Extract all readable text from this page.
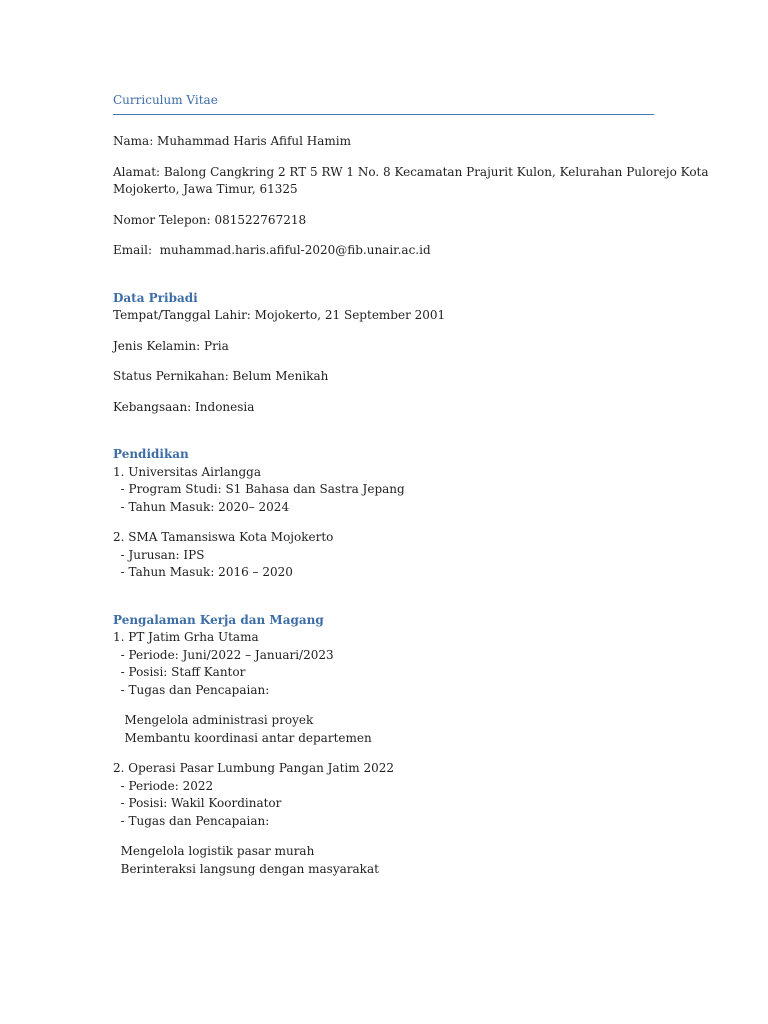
Curriculum Vitae
Nama: Muhammad Haris Afiful Hamim
Alamat: Balong Cangkring 2 RT 5 RW 1 No. 8 Kecamatan Prajurit Kulon, Kelurahan Pulorejo Kota
Mojokerto, Jawa Timur, 61325
Nomor Telepon: 081522767218
Email:  muhammad.haris.afiful-2020@fib.unair.ac.id
Data Pribadi
Tempat/Tanggal Lahir: Mojokerto, 21 September 2001
Jenis Kelamin: Pria
Status Pernikahan: Belum Menikah
Kebangsaan: Indonesia
Pendidikan
1. Universitas Airlangga
- Program Studi: S1 Bahasa dan Sastra Jepang
- Tahun Masuk: 2020– 2024
2. SMA Tamansiswa Kota Mojokerto
- Jurusan: IPS
- Tahun Masuk: 2016 – 2020
Pengalaman Kerja dan Magang
1. PT Jatim Grha Utama
- Periode: Juni/2022 – Januari/2023
- Posisi: Staff Kantor
- Tugas dan Pencapaian:
Mengelola administrasi proyek
Membantu koordinasi antar departemen
2. Operasi Pasar Lumbung Pangan Jatim 2022
- Periode: 2022
- Posisi: Wakil Koordinator
- Tugas dan Pencapaian:
Mengelola logistik pasar murah
Berinteraksi langsung dengan masyarakat
